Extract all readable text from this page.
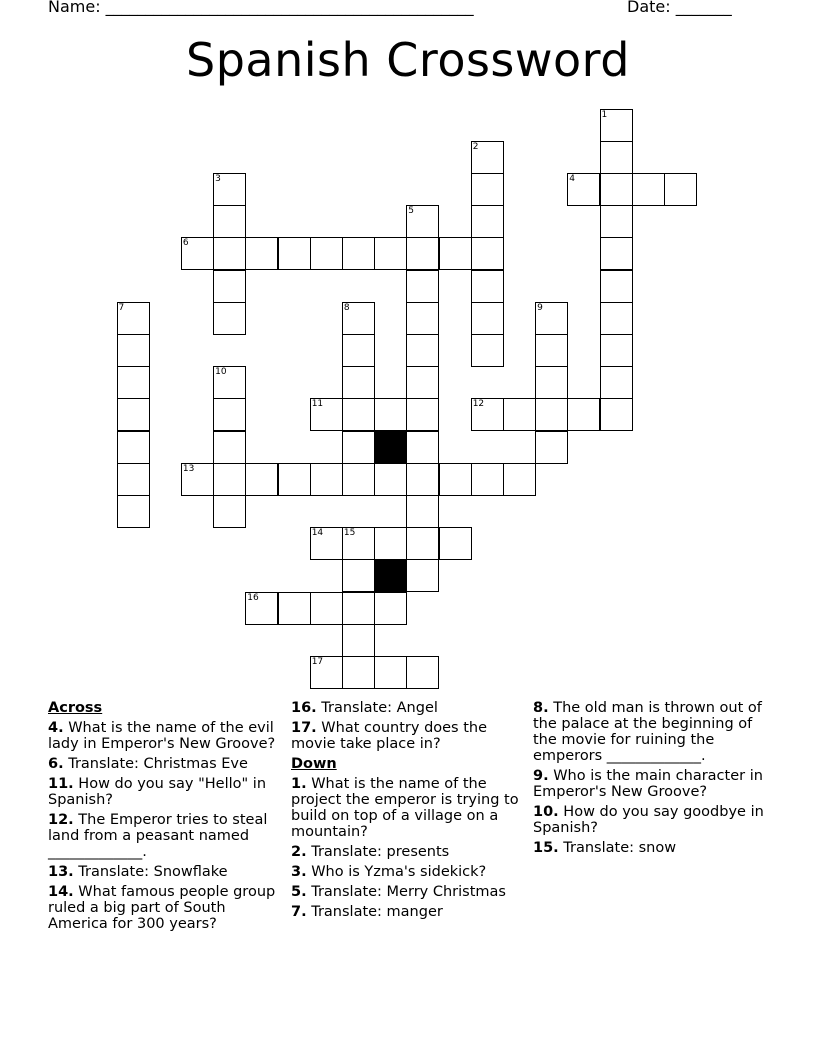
Name: ______________________________________________	Date: _______
Spanish Crossword
1
2
3	4
5
6
7	8	9
10
11	12
13
14 15
16
17
Across
4. What is the name of the evil lady in Emperor's New Groove?
6. Translate: Christmas Eve
11. How do you say "Hello" in Spanish?
12. The Emperor tries to steal land from a peasant named _____________.
13. Translate: Snowflake
14. What famous people group ruled a big part of South America for 300 years?
16. Translate: Angel
17. What country does the movie take place in?
Down
1. What is the name of the project the emperor is trying to build on top of a village on a mountain?
2. Translate: presents
3. Who is Yzma's sidekick?
5. Translate: Merry Christmas
7. Translate: manger
8. The old man is thrown out of the palace at the beginning of the movie for ruining the emperors _____________.
9. Who is the main character in Emperor's New Groove?
10. How do you say goodbye in Spanish?
15. Translate: snow
